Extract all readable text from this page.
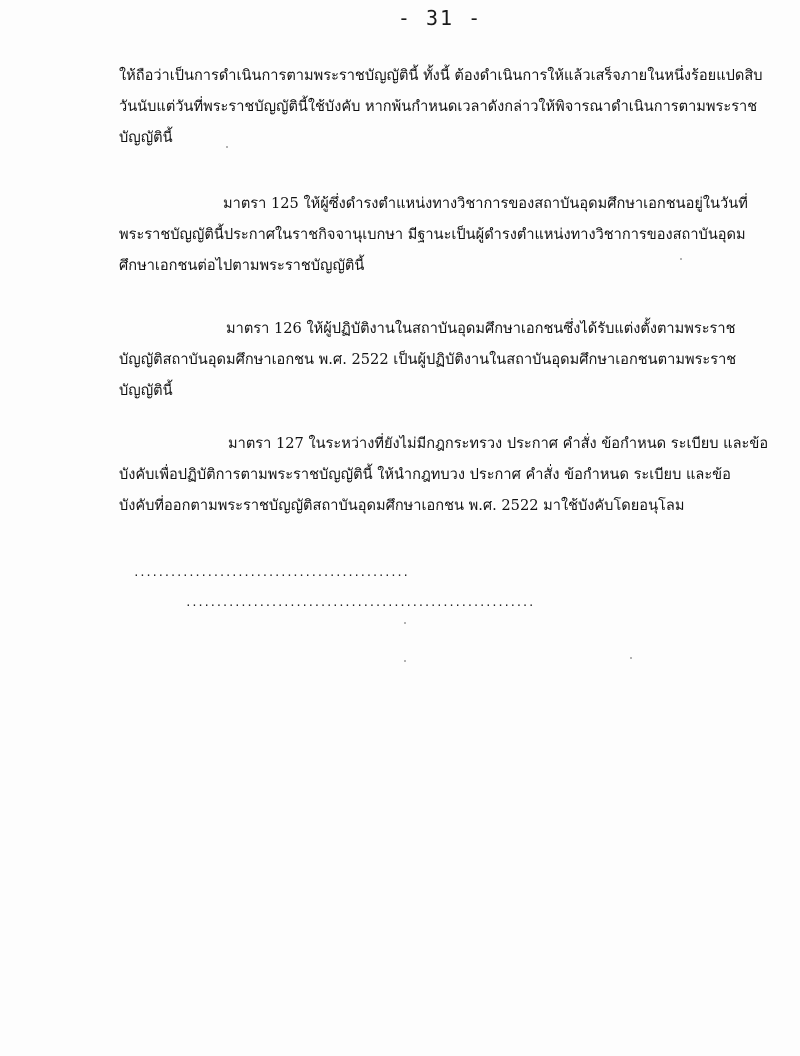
- 31 -
ให้ถือว่าเป็นการดำเนินการตามพระราชบัญญัตินี้ ทั้งนี้ ต้องดำเนินการให้แล้วเสร็จภายในหนึ่งร้อยแปดสิบ
วันนับแต่วันที่พระราชบัญญัตินี้ใช้บังคับ หากพ้นกำหนดเวลาดังกล่าวให้พิจารณาดำเนินการตามพระราช
บัญญัตินี้
มาตรา 125 ให้ผู้ซึ่งดำรงตำแหน่งทางวิชาการของสถาบันอุดมศึกษาเอกชนอยู่ในวันที่
พระราชบัญญัตินี้ประกาศในราชกิจจานุเบกษา มีฐานะเป็นผู้ดำรงตำแหน่งทางวิชาการของสถาบันอุดม
ศึกษาเอกชนต่อไปตามพระราชบัญญัตินี้
มาตรา 126 ให้ผู้ปฏิบัติงานในสถาบันอุดมศึกษาเอกชนซึ่งได้รับแต่งตั้งตามพระราช
บัญญัติสถาบันอุดมศึกษาเอกชน พ.ศ. 2522 เป็นผู้ปฏิบัติงานในสถาบันอุดมศึกษาเอกชนตามพระราช
บัญญัตินี้
มาตรา 127 ในระหว่างที่ยังไม่มีกฎกระทรวง ประกาศ คำสั่ง ข้อกำหนด ระเบียบ และข้อ
บังคับเพื่อปฏิบัติการตามพระราชบัญญัตินี้ ให้นำกฎทบวง ประกาศ คำสั่ง ข้อกำหนด ระเบียบ และข้อ
บังคับที่ออกตามพระราชบัญญัติสถาบันอุดมศึกษาเอกชน พ.ศ. 2522 มาใช้บังคับโดยอนุโลม
.............................................
.........................................................
